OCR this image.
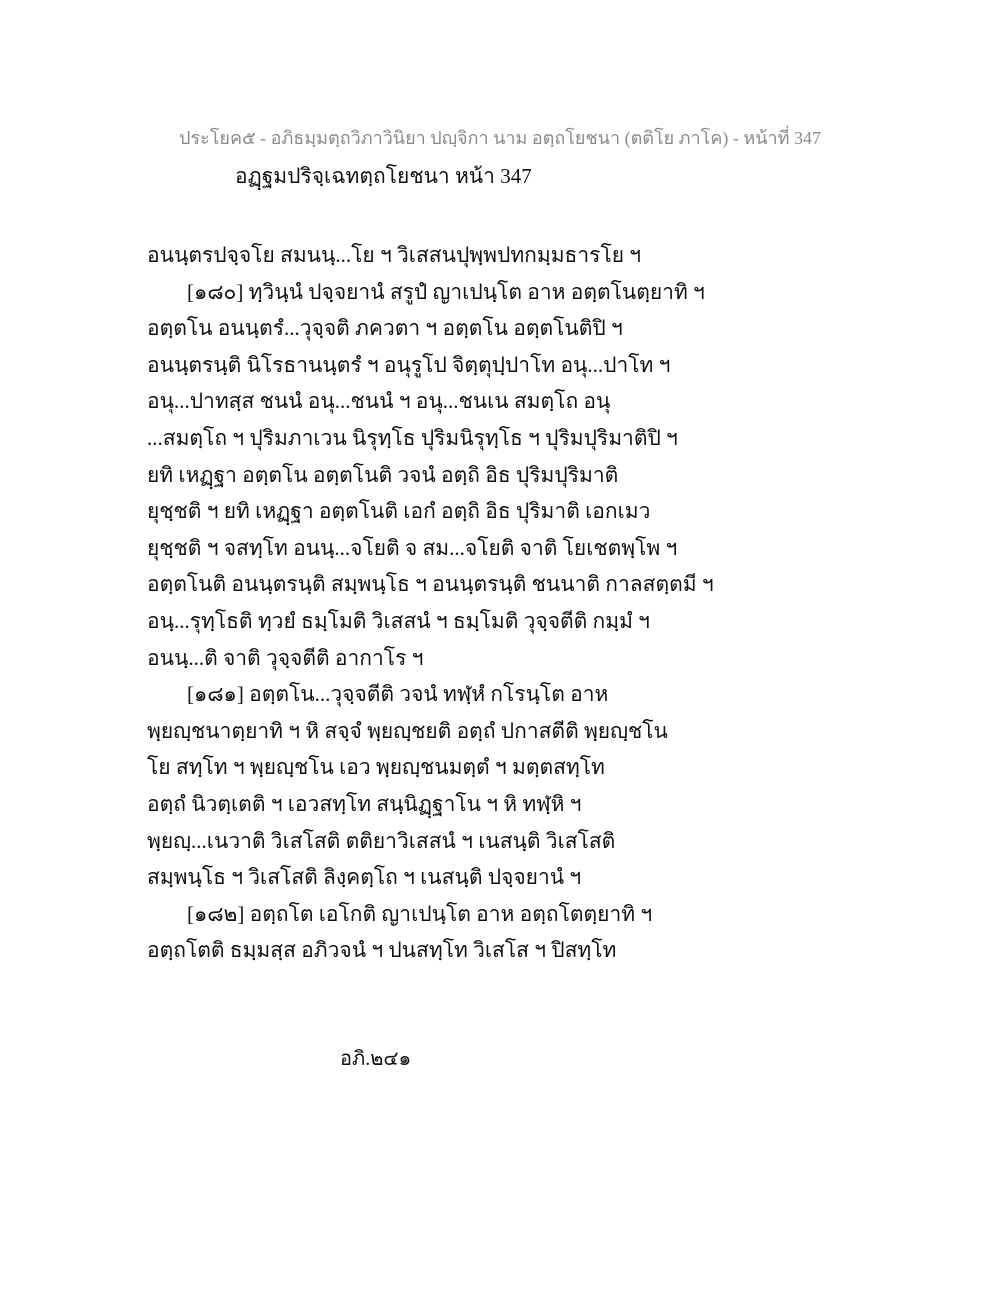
ประโยค๕ - อภิธมฺมตฺถวิภาวินิยา ปญฺจิกา นาม อตฺถโยชนา (ตติโย ภาโค) - หน้าที่ 347
อฏฺฐมปริจฺเฉทตฺถโยชนา หน้า 347
อนนฺตรปจฺจโย สมนนฺ...โย ฯ วิเสสนปุพฺพปทกมฺมธารโย ฯ
[๑๘๐] ทฺวินฺนํ ปจฺจยานํ สรูปํ ญาเปนฺโต อาห อตฺตโนตฺยาทิ ฯ
อตฺตโน อนนฺตรํ...วุจฺจติ ภควตา ฯ อตฺตโน อตฺตโนติปิ ฯ
อนนฺตรนฺติ นิโรธานนฺตรํ ฯ อนุรูโป จิตฺตุปฺปาโท อนุ...ปาโท ฯ
อนุ...ปาทสฺส ชนนํ อนุ...ชนนํ ฯ อนุ...ชนเน สมตฺโถ อนุ
...สมตฺโถ ฯ ปุริมภาเวน นิรุทฺโธ ปุริมนิรุทฺโธ ฯ ปุริมปุริมาติปิ ฯ
ยทิ เหฏฺฐา อตฺตโน อตฺตโนติ วจนํ อตฺถิ อิธ ปุริมปุริมาติ
ยุชฺชติ ฯ ยทิ เหฏฺฐา อตฺตโนติ เอกํ อตฺถิ อิธ ปุริมาติ เอกเมว
ยุชฺชติ ฯ จสทฺโท อนนฺ...จโยติ จ สม...จโยติ จาติ โยเชตพฺโพ ฯ
อตฺตโนติ อนนฺตรนฺติ สมฺพนฺโธ ฯ อนนฺตรนฺติ ชนนาติ กาลสตฺตมี ฯ
อนฺ...รุทฺโธติ ทฺวยํ ธมฺโมติ วิเสสนํ ฯ ธมฺโมติ วุจฺจตีติ กมฺมํ ฯ
อนนฺ...ติ จาติ วุจฺจตีติ อากาโร ฯ
[๑๘๑] อตฺตโน...วุจฺจตีติ วจนํ ทฬฺหํ กโรนฺโต อาห
พฺยญฺชนาตฺยาทิ ฯ หิ สจฺจํ พฺยญฺชยติ อตฺถํ ปกาสตีติ พฺยญฺชโน
โย สทฺโท ฯ พฺยญฺชโน เอว พฺยญฺชนมตฺตํ ฯ มตฺตสทฺโท
อตฺถํ นิวตฺเตติ ฯ เอวสทฺโท สนฺนิฏฺฐาโน ฯ หิ ทฬฺหิ ฯ
พฺยญฺ...เนวาติ วิเสโสติ ตติยาวิเสสนํ ฯ เนสนฺติ วิเสโสติ
สมฺพนฺโธ ฯ วิเสโสติ ลิงฺคตฺโถ ฯ เนสนฺติ ปจฺจยานํ ฯ
[๑๘๒] อตฺถโต เอโกติ ญาเปนฺโต อาห อตฺถโตตฺยาทิ ฯ
อตฺถโตติ ธมฺมสฺส อภิวจนํ ฯ ปนสทฺโท วิเสโส ฯ ปิสทฺโท
อภิ.๒๔๑
